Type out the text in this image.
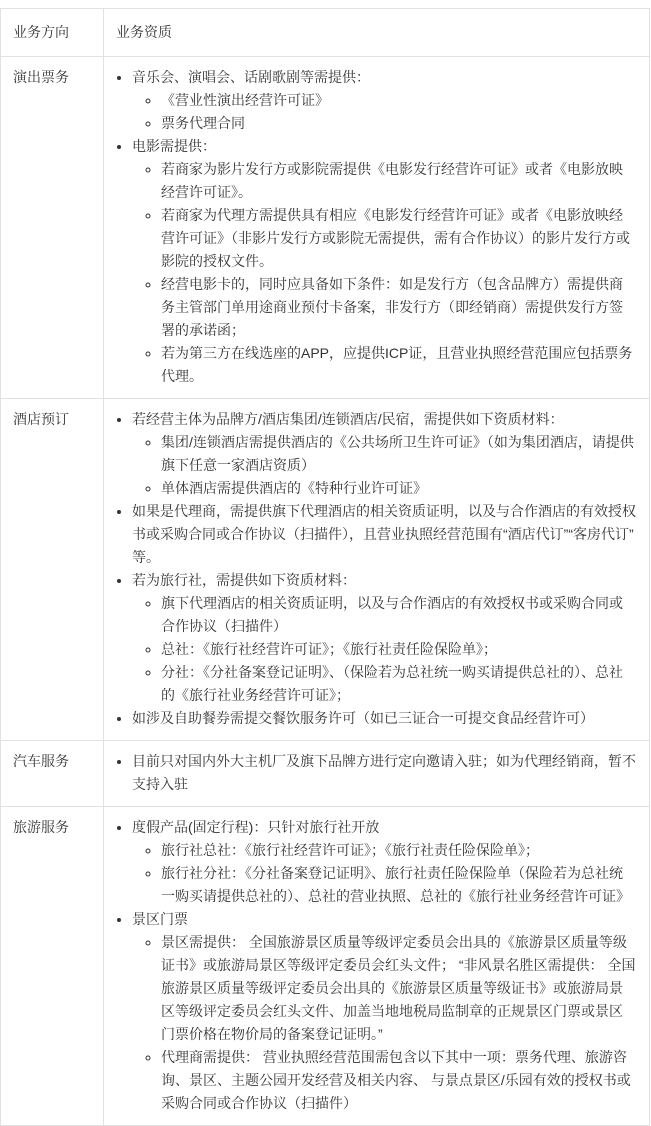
业务方向	业务资质
演出票务	
•音乐会、演唱会、话剧歌剧等需提供：
◦ 《营业性演出经营许可证》
◦ 票务代理合同
• 电影需提供：
◦ 若商家为影片发行方或影院需提供《电影发行经营许可证》或者《电影放映经营许可证》。
◦ 若商家为代理方需提供具有相应《电影发行经营许可证》或者《电影放映经营许可证》（非影片发行方或影院无需提供，需有合作协议）的影片发行方或影院的授权文件。
◦ 经营电影卡的，同时应具备如下条件：如是发行方（包含品牌方）需提供商务主管部门单用途商业预付卡备案，非发行方（即经销商）需提供发行方签署的承诺函；
◦ 若为第三方在线选座的APP，应提供ICP证，且营业执照经营范围应包括票务代理。

酒店预订	
•若经营主体为品牌方/酒店集团/连锁酒店/民宿，需提供如下资质材料：
◦ 集团/连锁酒店需提供酒店的《公共场所卫生许可证》（如为集团酒店，请提供旗下任意一家酒店资质）
◦ 单体酒店需提供酒店的《特种行业许可证》
• 如果是代理商，需提供旗下代理酒店的相关资质证明，以及与合作酒店的有效授权书或采购合同或合作协议（扫描件），且营业执照经营范围有“酒店代订”“客房代订”等。
• 若为旅行社，需提供如下资质材料：
◦ 旗下代理酒店的相关资质证明，以及与合作酒店的有效授权书或采购合同或合作协议（扫描件）
◦ 总社：《旅行社经营许可证》；《旅行社责任险保险单》；
◦ 分社：《分社备案登记证明》、（保险若为总社统一购买请提供总社的）、总社的《旅行社业务经营许可证》；
• 如涉及自助餐券需提交餐饮服务许可（如已三证合一可提交食品经营许可）

汽车服务	
•目前只对国内外大主机厂及旗下品牌方进行定向邀请入驻；如为代理经销商，暂不支持入驻

旅游服务	
•度假产品(固定行程)：只针对旅行社开放
◦ 旅行社总社：《旅行社经营许可证》；《旅行社责任险保险单》；
◦ 旅行社分社：《分社备案登记证明》、旅行社责任险保险单（保险若为总社统一购买请提供总社的）、总社的营业执照、总社的《旅行社业务经营许可证》
• 景区门票
◦ 景区需提供： 全国旅游景区质量等级评定委员会出具的《旅游景区质量等级证书》或旅游局景区等级评定委员会红头文件； “非风景名胜区需提供： 全国旅游景区质量等级评定委员会出具的《旅游景区质量等级证书》或旅游局景区等级评定委员会红头文件、加盖当地地税局监制章的正规景区门票或景区门票价格在物价局的备案登记证明。”
◦ 代理商需提供： 营业执照经营范围需包含以下其中一项：票务代理、旅游咨询、景区、主题公园开发经营及相关内容、 与景点景区/乐园有效的授权书或采购合同或合作协议（扫描件）
